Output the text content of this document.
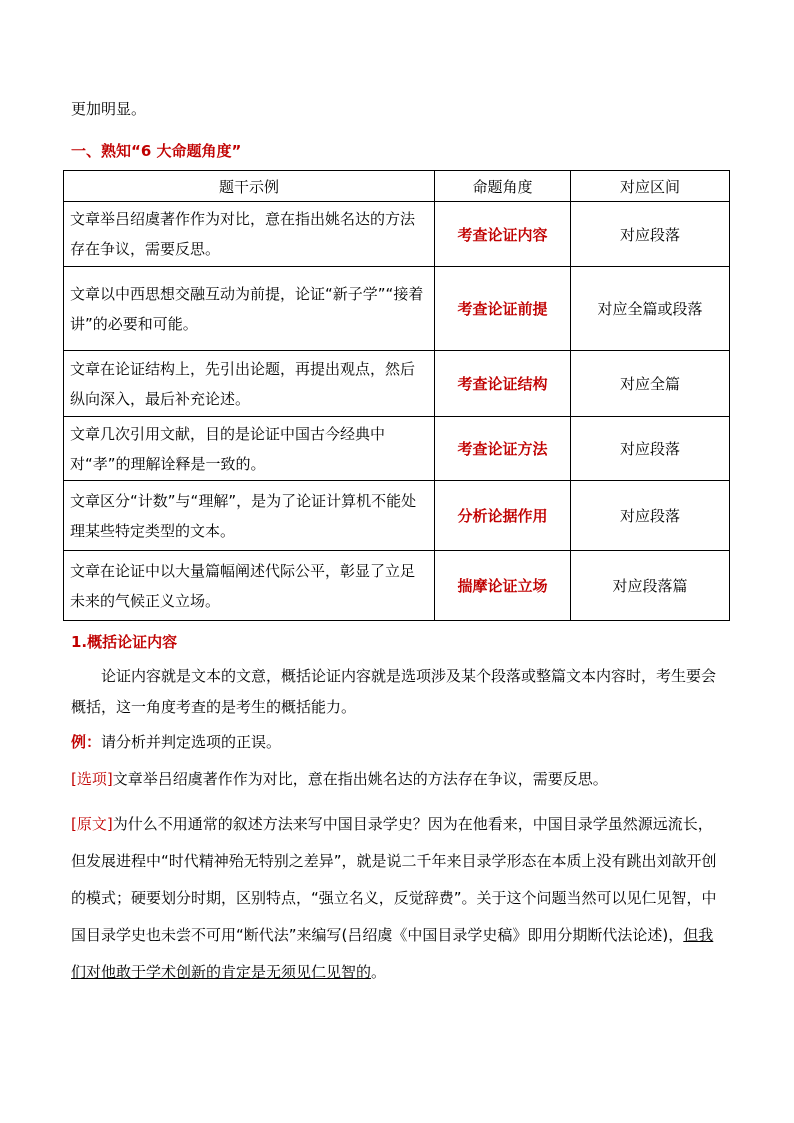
更加明显。
一、熟知“6 大命题角度”
题干示例	命题角度	对应区间
文章举吕绍虞著作作为对比，意在指出姚名达的方法存在争议，需要反思。	考查论证内容	对应段落
文章以中西思想交融互动为前提，论证“新子学”“接着讲”的必要和可能。	考查论证前提	对应全篇或段落
文章在论证结构上，先引出论题，再提出观点，然后纵向深入，最后补充论述。	考查论证结构	对应全篇
文章几次引用文献，目的是论证中国古今经典中对“孝”的理解诠释是一致的。	考查论证方法	对应段落
文章区分“计数”与“理解”，是为了论证计算机不能处理某些特定类型的文本。	分析论据作用	对应段落
文章在论证中以大量篇幅阐述代际公平，彰显了立足未来的气候正义立场。	揣摩论证立场	对应段落篇
1.概括论证内容
论证内容就是文本的文意，概括论证内容就是选项涉及某个段落或整篇文本内容时，考生要会概括，这一角度考查的是考生的概括能力。
例：请分析并判定选项的正误。
[选项]文章举吕绍虞著作作为对比，意在指出姚名达的方法存在争议，需要反思。
[原文]为什么不用通常的叙述方法来写中国目录学史？因为在他看来，中国目录学虽然源远流长，但发展进程中“时代精神殆无特别之差异”，就是说二千年来目录学形态在本质上没有跳出刘歆开创的模式；硬要划分时期，区别特点，“强立名义，反觉辞费”。关于这个问题当然可以见仁见智，中国目录学史也未尝不可用“断代法”来编写(吕绍虞《中国目录学史稿》即用分期断代法论述)，但我们对他敢于学术创新的肯定是无须见仁见智的。
